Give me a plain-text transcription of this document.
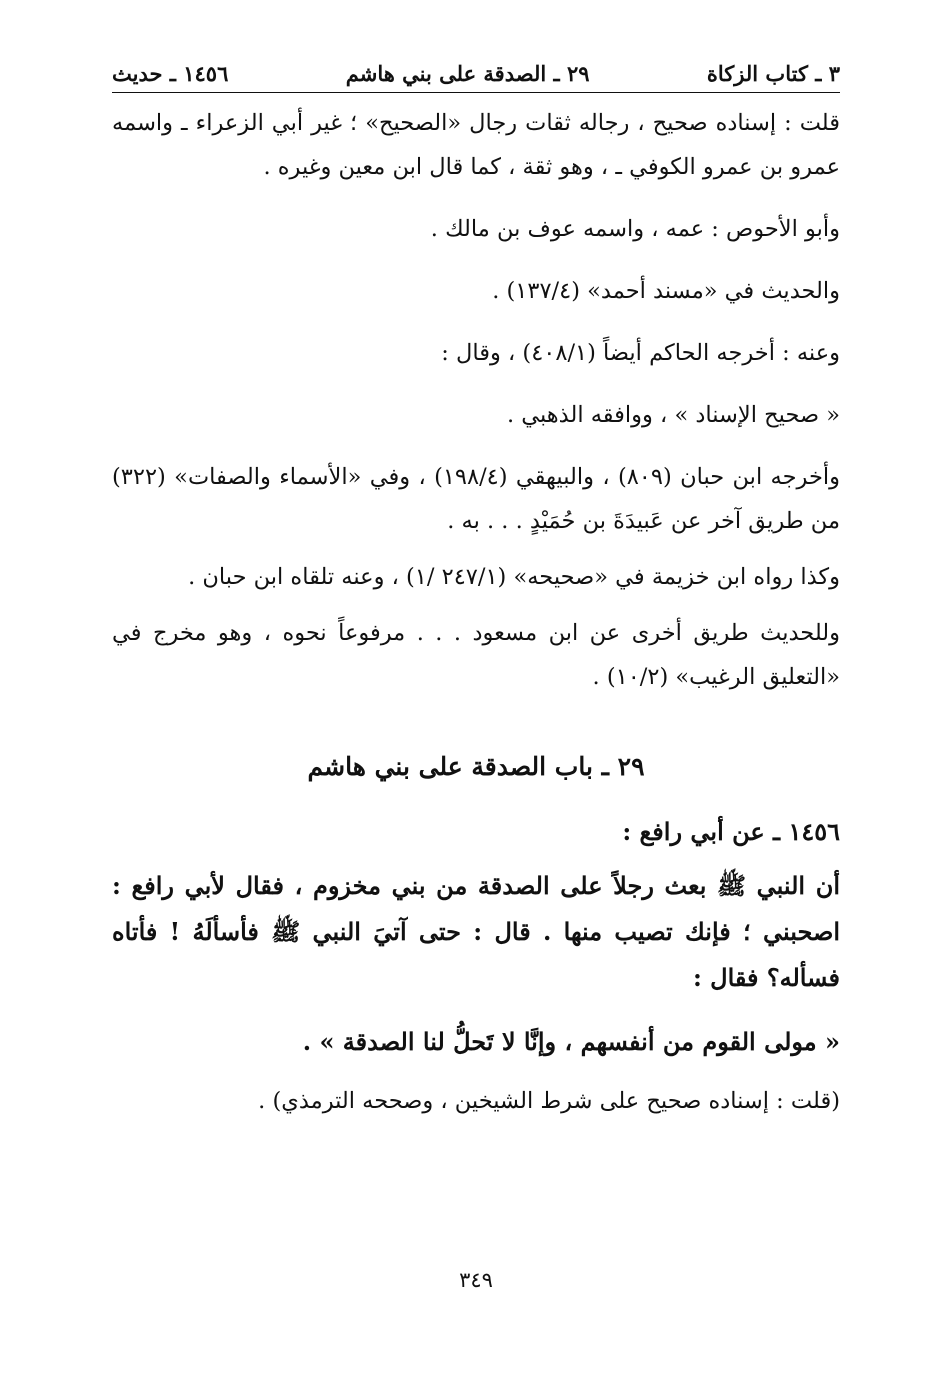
٣ ـ كتاب الزكاة
٢٩ ـ الصدقة على بني هاشم
١٤٥٦ ـ حديث

قلت : إسناده صحيح ، رجاله ثقات رجال «الصحيح» ؛ غير أبي الزعراء ـ واسمه عمرو بن عمرو الكوفي ـ ، وهو ثقة ، كما قال ابن معين وغيره .

وأبو الأحوص : عمه ، واسمه عوف بن مالك .

والحديث في «مسند أحمد» (١٣٧/٤) .

وعنه : أخرجه الحاكم أيضاً (٤٠٨/١) ، وقال :

« صحيح الإسناد » ، ووافقه الذهبي .

وأخرجه ابن حبان (٨٠٩) ، والبيهقي (١٩٨/٤) ، وفي «الأسماء والصفات» (٣٢٢) من طريق آخر عن عَبيدَةَ بن حُمَيْدٍ . . . به .

وكذا رواه ابن خزيمة في «صحيحه» (٢٤٧/١ /١) ، وعنه تلقاه ابن حبان .

وللحديث طريق أخرى عن ابن مسعود . . . مرفوعاً نحوه ، وهو مخرج في «التعليق الرغيب» (١٠/٢) .

٢٩ ـ باب الصدقة على بني هاشم
١٤٥٦ ـ عن أبي رافع :

أن النبي ﷺ بعث رجلاً على الصدقة من بني مخزوم ، فقال لأبي رافع : اصحبني ؛ فإنك تصيب منها . قال : حتى آتيَ النبي ﷺ فأسألَهُ ! فأتاه فسأله؟ فقال :

« مولى القوم من أنفسهم ، وإنَّا لا تَحلُّ لنا الصدقة » .

(قلت : إسناده صحيح على شرط الشيخين ، وصححه الترمذي) .

٣٤٩
